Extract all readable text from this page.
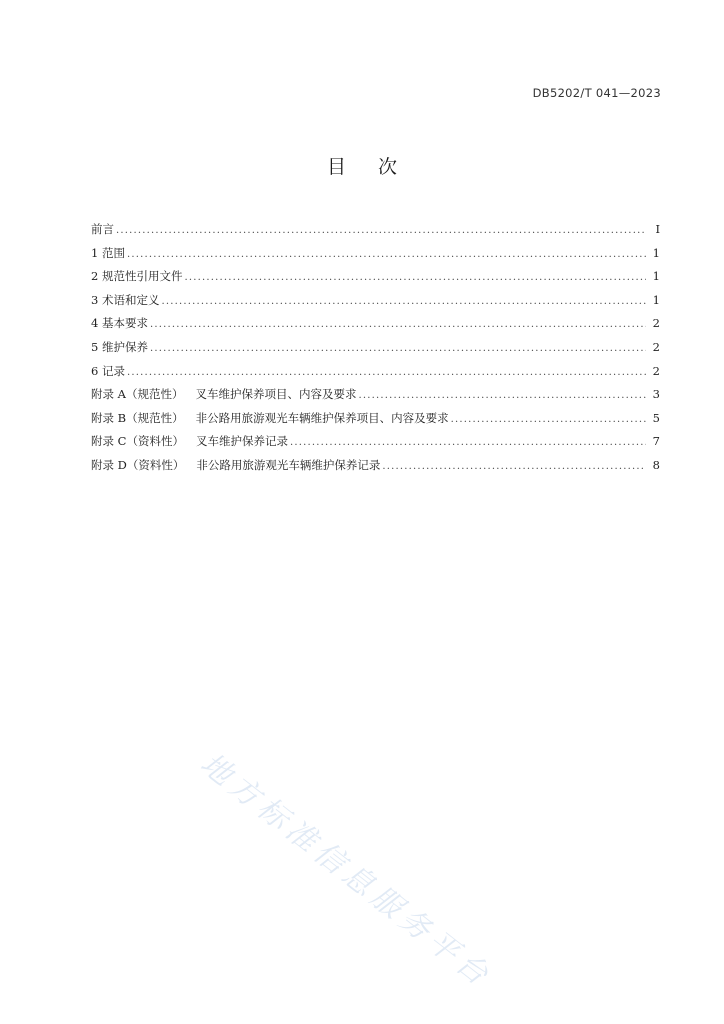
DB5202/T 041—2023
目次
前言 .....	I
1 范围 .....	1
2 规范性引用文件 .....	1
3 术语和定义 .....	1
4 基本要求 .....	2
5 维护保养 .....	2
6 记录 .....	2
附录 A（规范性） 叉车维护保养项目、内容及要求 .....	3
附录 B（规范性） 非公路用旅游观光车辆维护保养项目、内容及要求 .....	5
附录 C（资料性） 叉车维护保养记录 .....	7
附录 D（资料性） 非公路用旅游观光车辆维护保养记录 .....	8
地方标准信息服务平台
